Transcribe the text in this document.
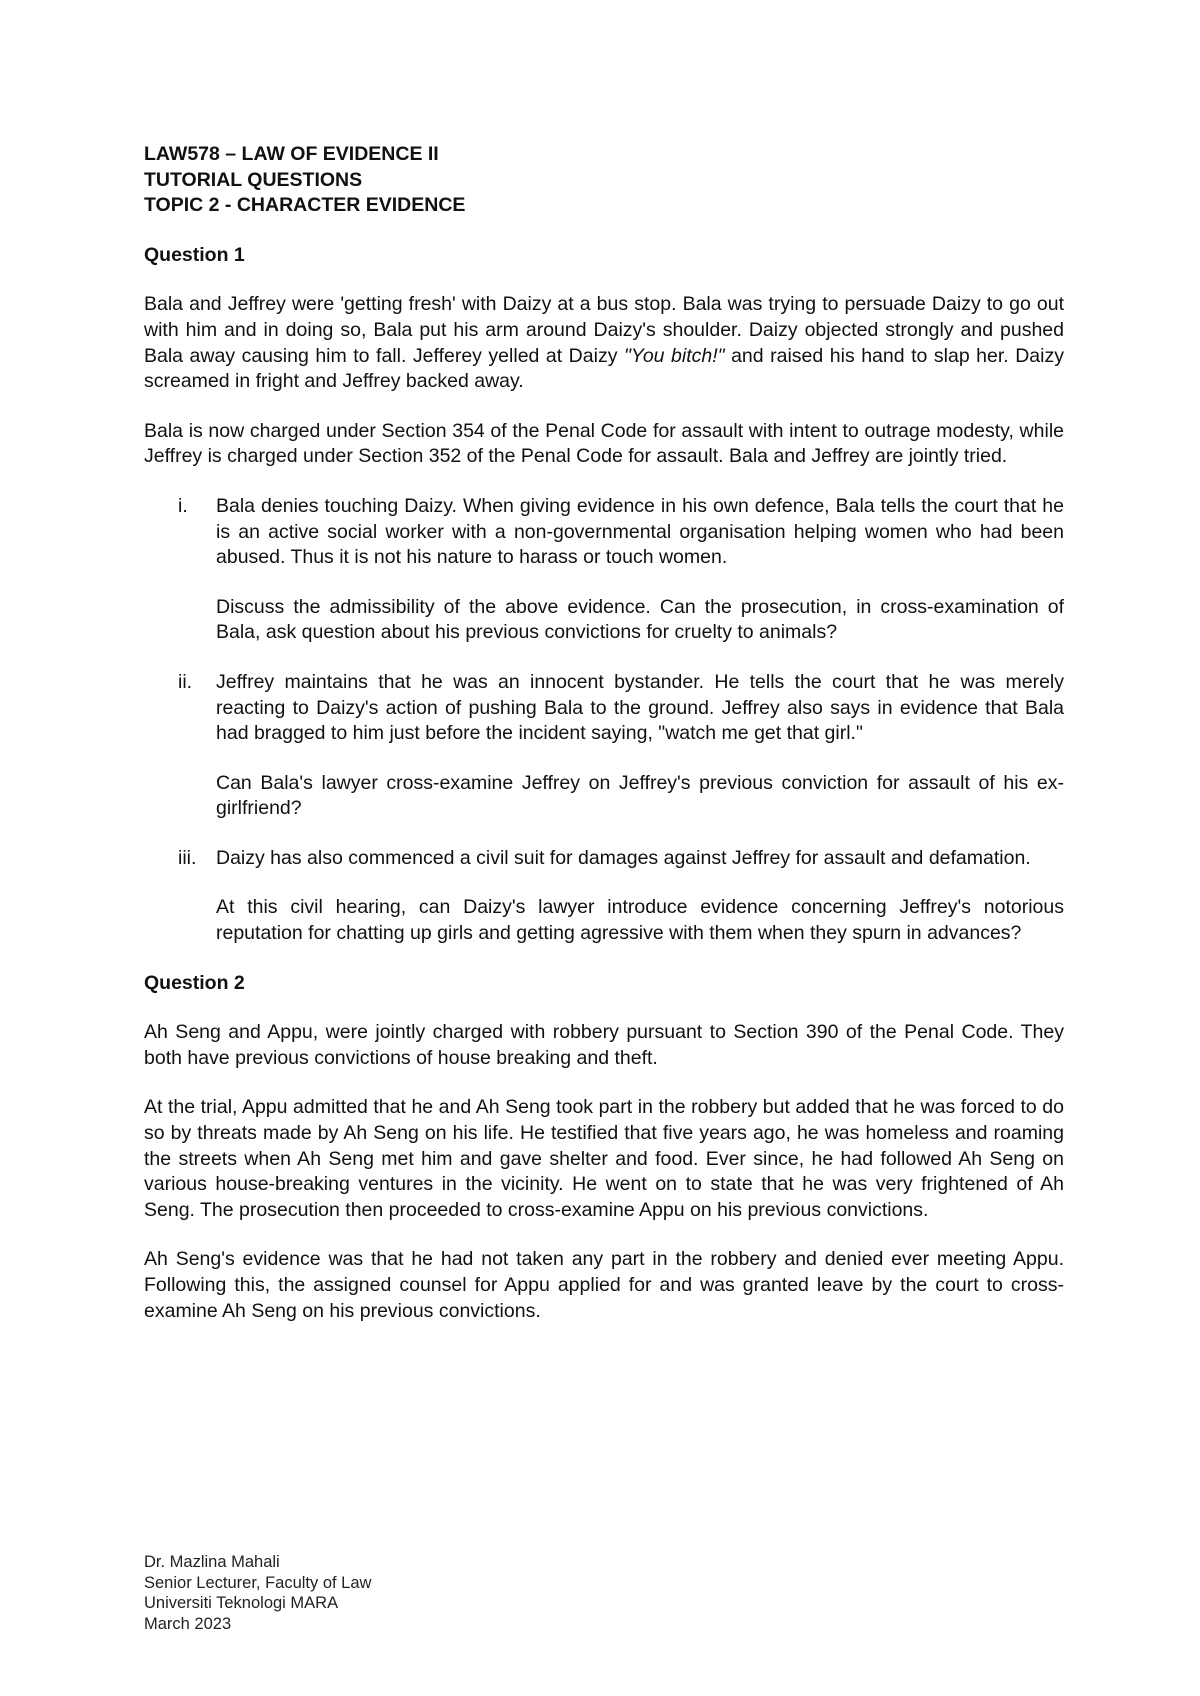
LAW578 – LAW OF EVIDENCE II
TUTORIAL QUESTIONS
TOPIC 2 - CHARACTER EVIDENCE
Question 1

Bala and Jeffrey were 'getting fresh' with Daizy at a bus stop. Bala was trying to persuade Daizy to go out with him and in doing so, Bala put his arm around Daizy's shoulder. Daizy objected strongly and pushed Bala away causing him to fall. Jefferey yelled at Daizy "You bitch!" and raised his hand to slap her. Daizy screamed in fright and Jeffrey backed away.

Bala is now charged under Section 354 of the Penal Code for assault with intent to outrage modesty, while Jeffrey is charged under Section 352 of the Penal Code for assault. Bala and Jeffrey are jointly tried.

i.	Bala denies touching Daizy. When giving evidence in his own defence, Bala tells the court that he is an active social worker with a non-governmental organisation helping women who had been abused. Thus it is not his nature to harass or touch women.

Discuss the admissibility of the above evidence. Can the prosecution, in cross-examination of Bala, ask question about his previous convictions for cruelty to animals?

ii.	Jeffrey maintains that he was an innocent bystander. He tells the court that he was merely reacting to Daizy's action of pushing Bala to the ground. Jeffrey also says in evidence that Bala had bragged to him just before the incident saying, "watch me get that girl."

Can Bala's lawyer cross-examine Jeffrey on Jeffrey's previous conviction for assault of his ex-girlfriend?

iii.	Daizy has also commenced a civil suit for damages against Jeffrey for assault and defamation.

At this civil hearing, can Daizy's lawyer introduce evidence concerning Jeffrey's notorious reputation for chatting up girls and getting agressive with them when they spurn in advances?

Question 2

Ah Seng and Appu, were jointly charged with robbery pursuant to Section 390 of the Penal Code. They both have previous convictions of house breaking and theft.

At the trial, Appu admitted that he and Ah Seng took part in the robbery but added that he was forced to do so by threats made by Ah Seng on his life. He testified that five years ago, he was homeless and roaming the streets when Ah Seng met him and gave shelter and food. Ever since, he had followed Ah Seng on various house-breaking ventures in the vicinity. He went on to state that he was very frightened of Ah Seng. The prosecution then proceeded to cross-examine Appu on his previous convictions.

Ah Seng's evidence was that he had not taken any part in the robbery and denied ever meeting Appu. Following this, the assigned counsel for Appu applied for and was granted leave by the court to cross-examine Ah Seng on his previous convictions.

Dr. Mazlina Mahali
Senior Lecturer, Faculty of Law
Universiti Teknologi MARA
March 2023
